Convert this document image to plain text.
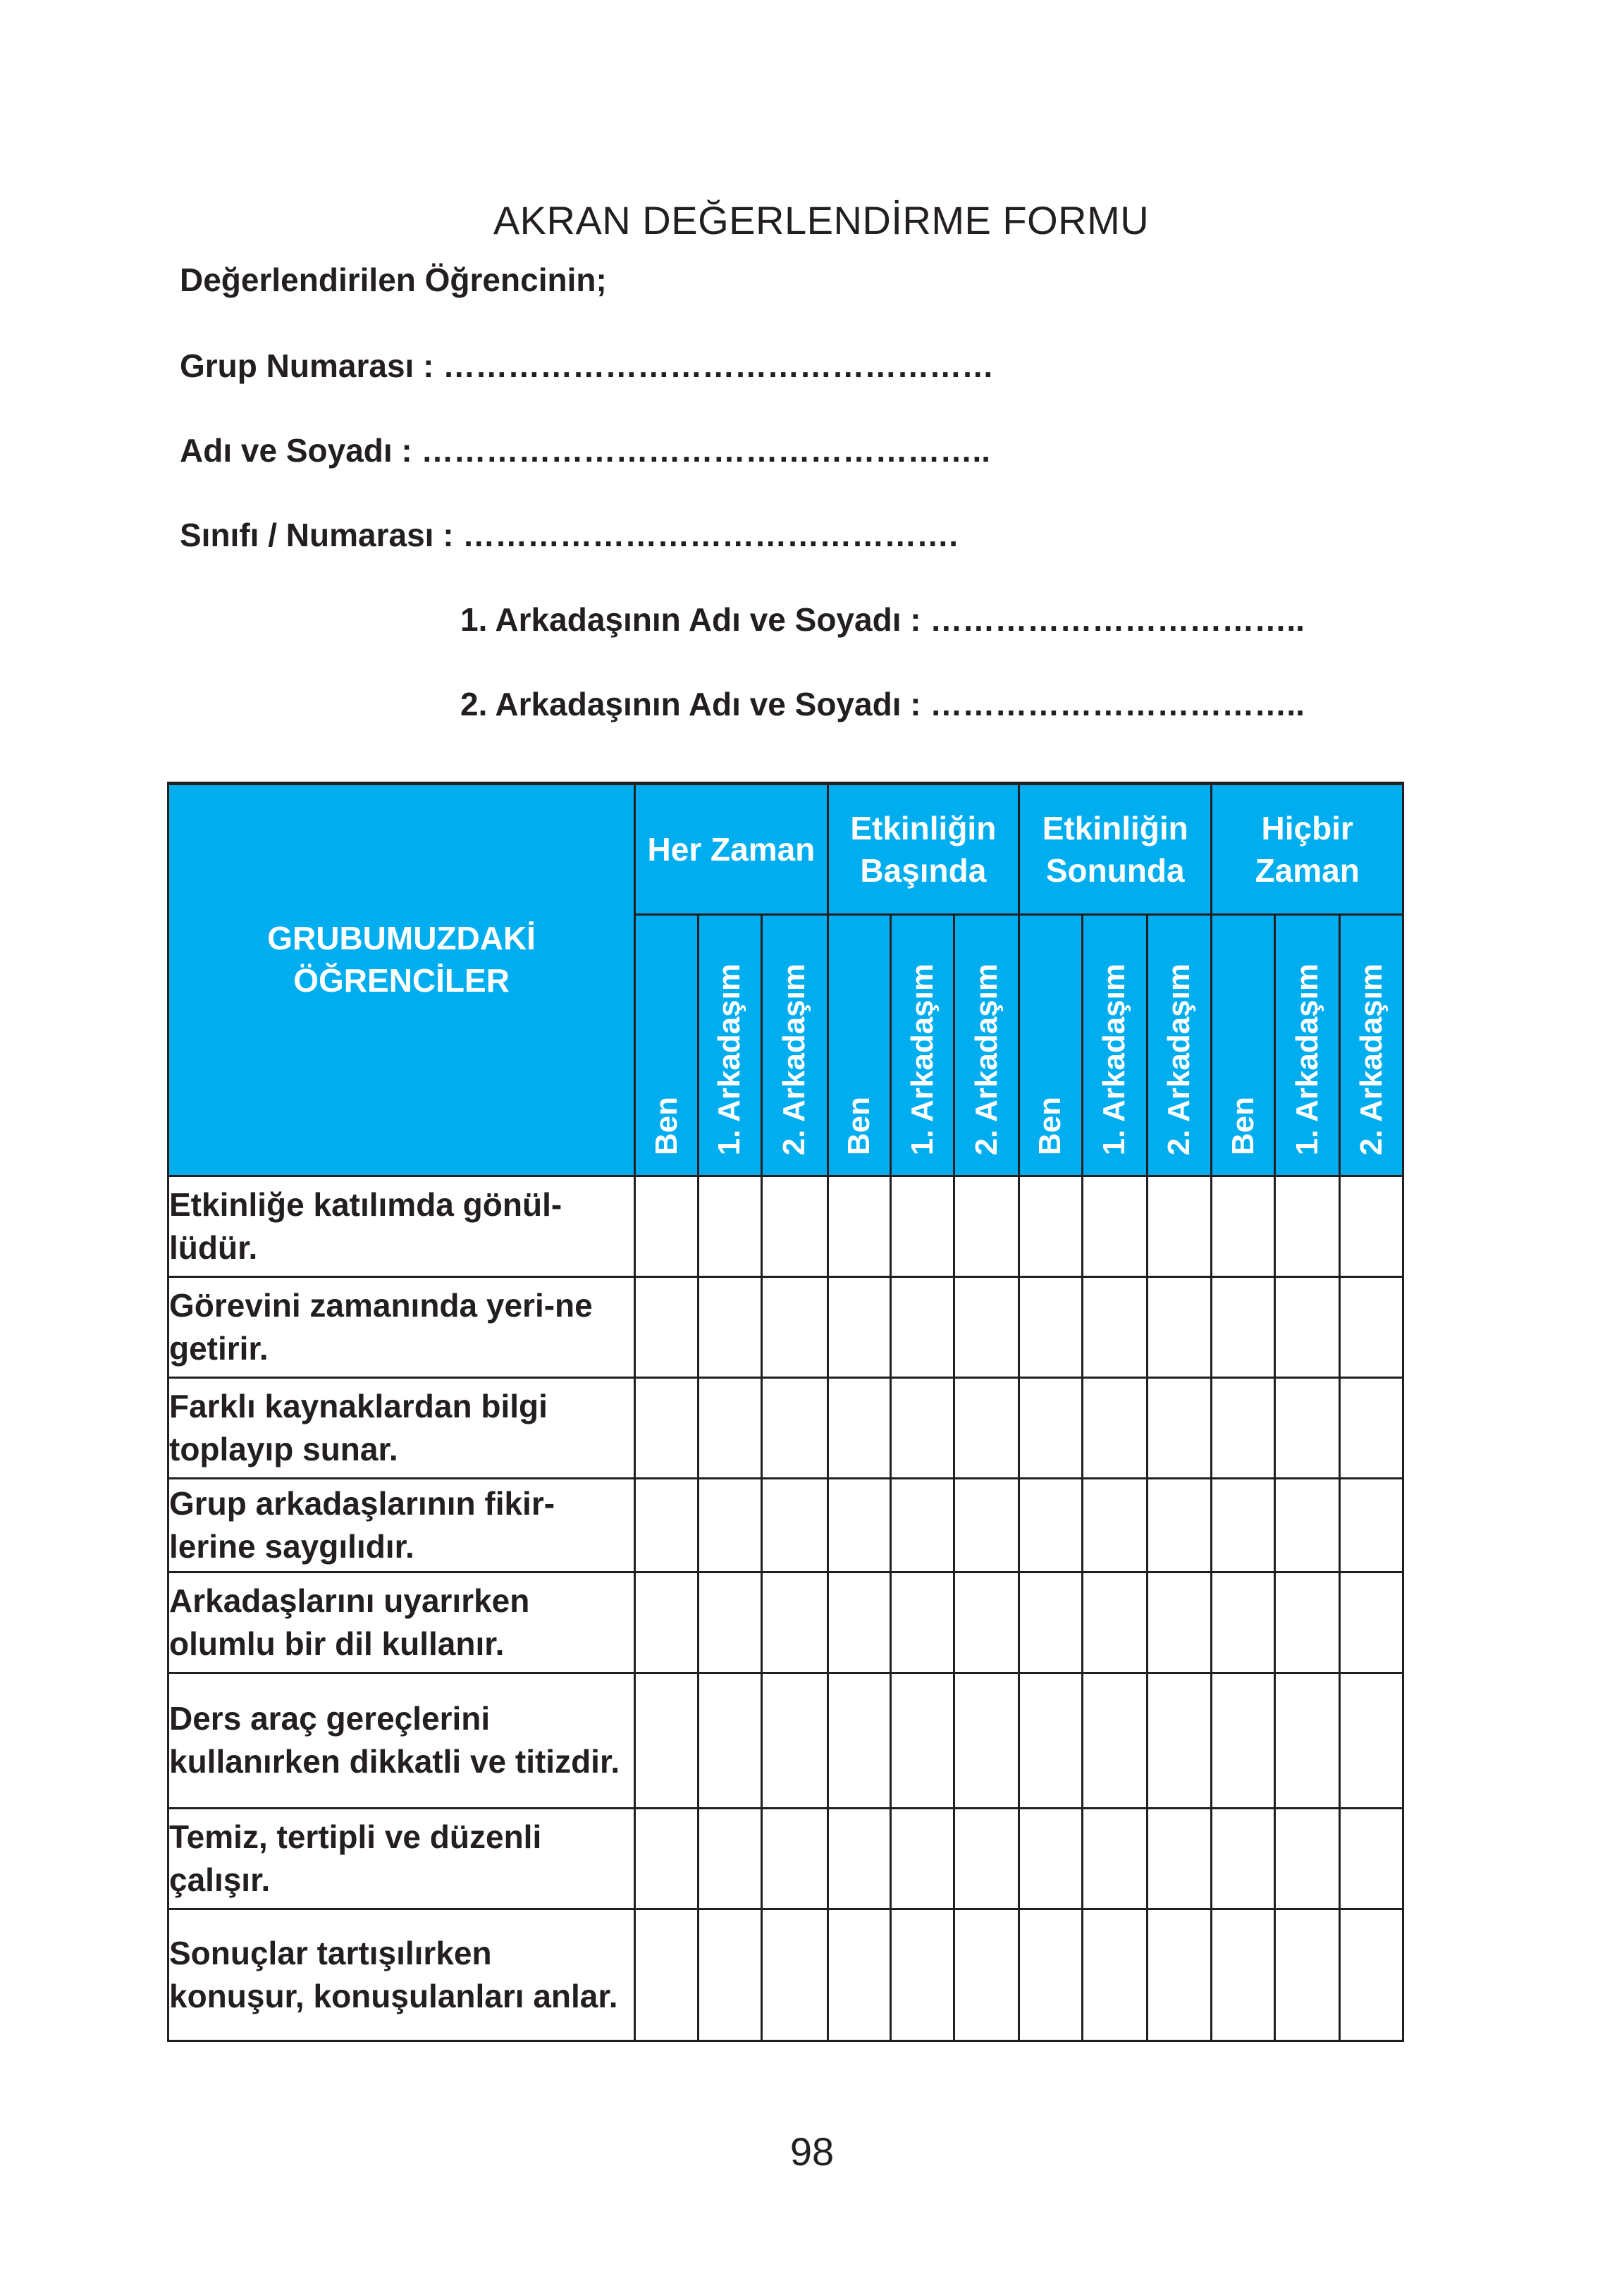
AKRAN DEĞERLENDİRME FORMU
Değerlendirilen Öğrencinin;
Grup Numarası : ……………………………………………
Adı ve Soyadı : ……………………………………………..
Sınıfı / Numarası : ……………………………………….
1. Arkadaşının Adı ve Soyadı : ……………………………..
2. Arkadaşının Adı ve Soyadı : ……………………………..
GRUBUMUZDAKİ ÖĞRENCİLER	Her Zaman			Etkinliğin Başında			Etkinliğin Sonunda			Hiçbir Zaman		

	Ben	1. Arkadaşım	2. Arkadaşım	Ben	1. Arkadaşım	2. Arkadaşım	Ben	1. Arkadaşım	2. Arkadaşım	Ben	1. Arkadaşım	2. Arkadaşım

Etkinliğe katılımda gönül-lüdür.												
Görevini zamanında yeri-ne getirir.												
Farklı kaynaklardan bilgi toplayıp sunar.												
Grup arkadaşlarının fikir-lerine saygılıdır.												
Arkadaşlarını uyarırken olumlu bir dil kullanır.												
Ders araç gereçlerini kullanırken dikkatli ve titizdir.												
Temiz, tertipli ve düzenli çalışır.												
Sonuçlar tartışılırken konuşur, konuşulanları anlar.												
98
